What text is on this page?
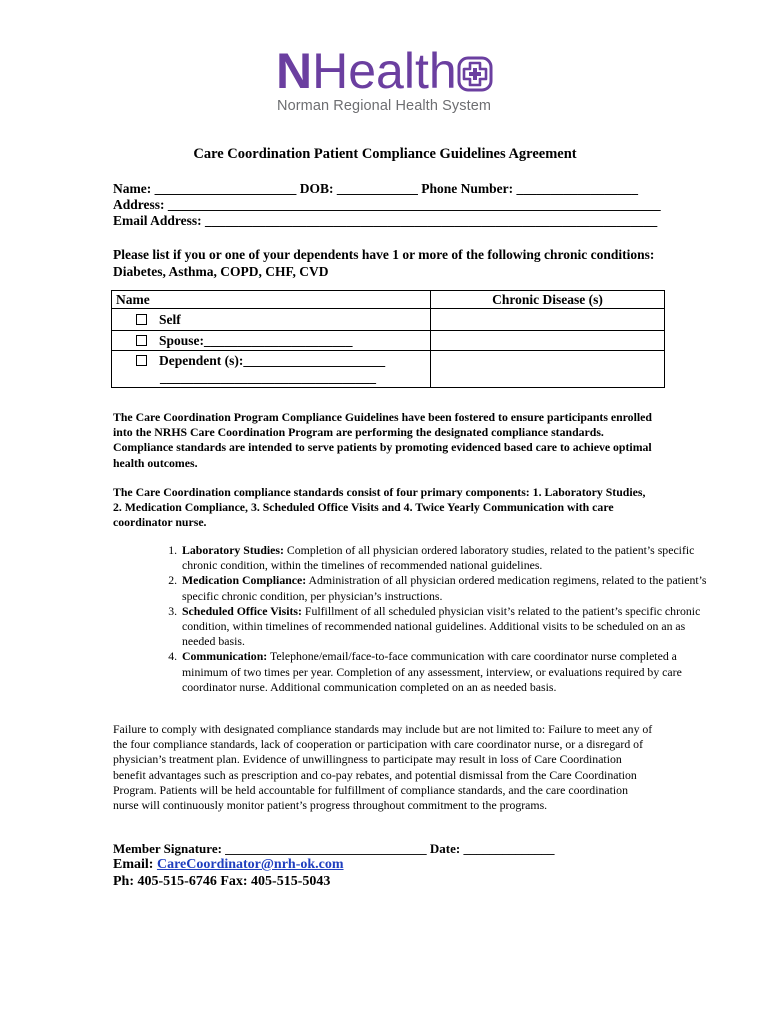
NHealth
Norman Regional Health System
Care Coordination Patient Compliance Guidelines Agreement
Name: _____________________ DOB: ____________ Phone Number: __________________
Address: _________________________________________________________________________
Email Address: ___________________________________________________________________
Please list if you or one of your dependents have 1 or more of the following chronic conditions: Diabetes, Asthma, COPD, CHF, CVD
Name	Chronic Disease (s)

Self	

Spouse:______________________	

Dependent (s):_____________________
________________________________	

The Care Coordination Program Compliance Guidelines have been fostered to ensure participants enrolled into the NRHS Care Coordination Program are performing the designated compliance standards. Compliance standards are intended to serve patients by promoting evidenced based care to achieve optimal health outcomes.
The Care Coordination compliance standards consist of four primary components: 1. Laboratory Studies, 2. Medication Compliance, 3. Scheduled Office Visits and 4. Twice Yearly Communication with care coordinator nurse.
1. Laboratory Studies: Completion of all physician ordered laboratory studies, related to the patient’s specific chronic condition, within the timelines of recommended national guidelines.
2. Medication Compliance: Administration of all physician ordered medication regimens, related to the patient’s specific chronic condition, per physician’s instructions.
3. Scheduled Office Visits: Fulfillment of all scheduled physician visit’s related to the patient’s specific chronic condition, within timelines of recommended national guidelines. Additional visits to be scheduled on an as needed basis.
4. Communication: Telephone/email/face-to-face communication with care coordinator nurse completed a minimum of two times per year. Completion of any assessment, interview, or evaluations required by care coordinator nurse. Additional communication completed on an as needed basis.
Failure to comply with designated compliance standards may include but are not limited to: Failure to meet any of the four compliance standards, lack of cooperation or participation with care coordinator nurse, or a disregard of physician’s treatment plan. Evidence of unwillingness to participate may result in loss of Care Coordination benefit advantages such as prescription and co-pay rebates, and potential dismissal from the Care Coordination Program. Patients will be held accountable for fulfillment of compliance standards, and the care coordination nurse will continuously monitor patient’s progress throughout commitment to the programs.
Member Signature: _______________________________ Date: ______________
Email: CareCoordinator@nrh-ok.com
Ph: 405-515-6746 Fax: 405-515-5043
